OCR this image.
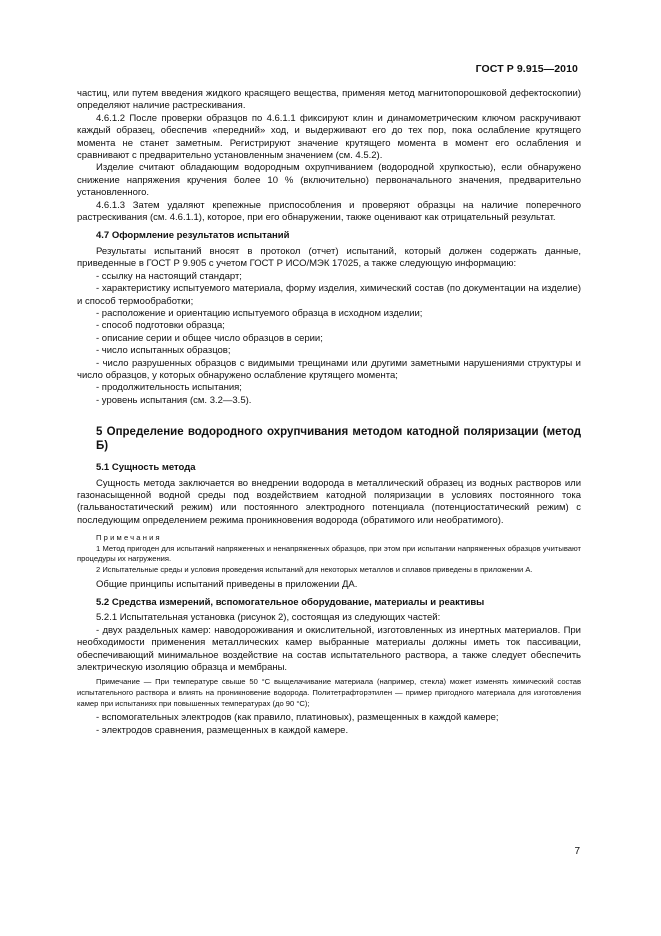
ГОСТ Р 9.915—2010

частиц, или путем введения жидкого красящего вещества, применяя метод магнитопорошковой дефектоскопии) определяют наличие растрескивания.

4.6.1.2 После проверки образцов по 4.6.1.1 фиксируют клин и динамометрическим ключом раскручивают каждый образец, обеспечив «передний» ход, и выдерживают его до тех пор, пока ослабление крутящего момента не станет заметным. Регистрируют значение крутящего момента в момент его ослабления и сравнивают с предварительно установленным значением (см. 4.5.2).

Изделие считают обладающим водородным охрупчиванием (водородной хрупкостью), если обнаружено снижение напряжения кручения более 10 % (включительно) первоначального значения, предварительно установленного.

4.6.1.3 Затем удаляют крепежные приспособления и проверяют образцы на наличие поперечного растрескивания (см. 4.6.1.1), которое, при его обнаружении, также оценивают как отрицательный результат.

4.7 Оформление результатов испытаний

Результаты испытаний вносят в протокол (отчет) испытаний, который должен содержать данные, приведенные в ГОСТ Р 9.905 с учетом ГОСТ Р ИСО/МЭК 17025, а также следующую информацию:

- ссылку на настоящий стандарт;

- характеристику испытуемого материала, форму изделия, химический состав (по документации на изделие) и способ термообработки;

- расположение и ориентацию испытуемого образца в исходном изделии;

- способ подготовки образца;

- описание серии и общее число образцов в серии;

- число испытанных образцов;

- число разрушенных образцов с видимыми трещинами или другими заметными нарушениями структуры и число образцов, у которых обнаружено ослабление крутящего момента;

- продолжительность испытания;

- уровень испытания (см. 3.2—3.5).

5 Определение водородного охрупчивания методом катодной поляризации (метод Б)

5.1 Сущность метода

Сущность метода заключается во внедрении водорода в металлический образец из водных растворов или газонасыщенной водной среды под воздействием катодной поляризации в условиях постоянного тока (гальваностатический режим) или постоянного электродного потенциала (потенциостатический режим) с последующим определением режима проникновения водорода (обратимого или необратимого).

Примечания

1 Метод пригоден для испытаний напряженных и ненапряженных образцов, при этом при испытании напряженных образцов учитывают процедуры их нагружения.

2 Испытательные среды и условия проведения испытаний для некоторых металлов и сплавов приведены в приложении А.

Общие принципы испытаний приведены в приложении ДА.

5.2 Средства измерений, вспомогательное оборудование, материалы и реактивы

5.2.1 Испытательная установка (рисунок 2), состоящая из следующих частей:

- двух раздельных камер: наводороживания и окислительной, изготовленных из инертных материалов. При необходимости применения металлических камер выбранные материалы должны иметь ток пассивации, обеспечивающий минимальное воздействие на состав испытательного раствора, а также следует обеспечить электрическую изоляцию образца и мембраны.

Примечание — При температуре свыше 50 °С выщелачивание материала (например, стекла) может изменять химический состав испытательного раствора и влиять на проникновение водорода. Политетрафторэтилен — пример пригодного материала для изготовления камер при испытаниях при повышенных температурах (до 90 °С);

- вспомогательных электродов (как правило, платиновых), размещенных в каждой камере;

- электродов сравнения, размещенных в каждой камере.

7
